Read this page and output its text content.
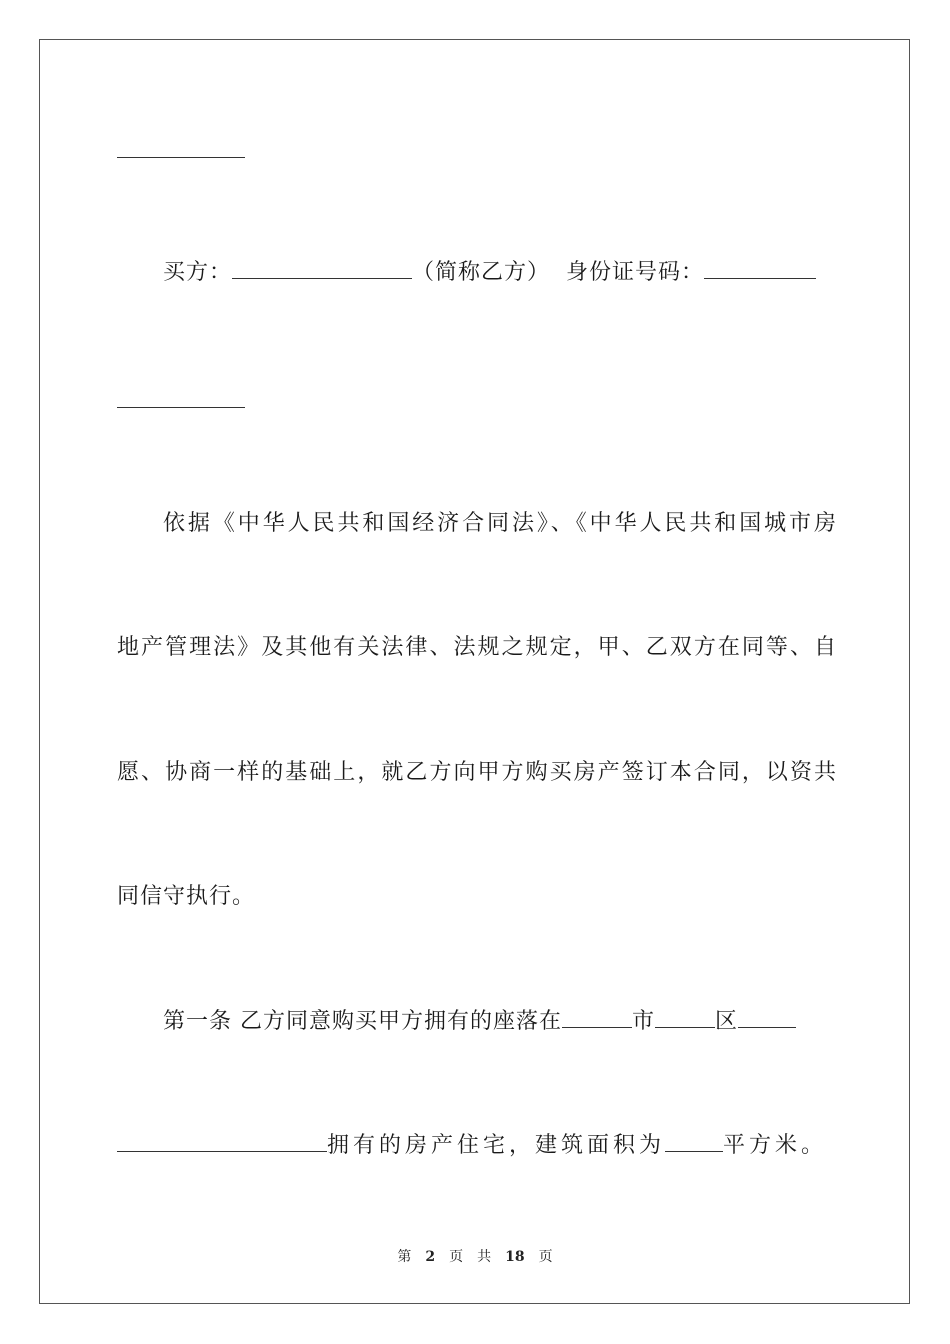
买方：	（简称乙方） 身份证号码：
依据《中华人民共和国经济合同法》、《中华人民共和国城市房
地产管理法》及其他有关法律、法规之规定，甲、乙双方在同等、自
愿、协商一样的基础上，就乙方向甲方购买房产签订本合同，以资共
同信守执行。
第一条 乙方同意购买甲方拥有的座落在	市	区
拥有的房产住宅，建筑面积为	平方米。
第 2 页 共 18 页
